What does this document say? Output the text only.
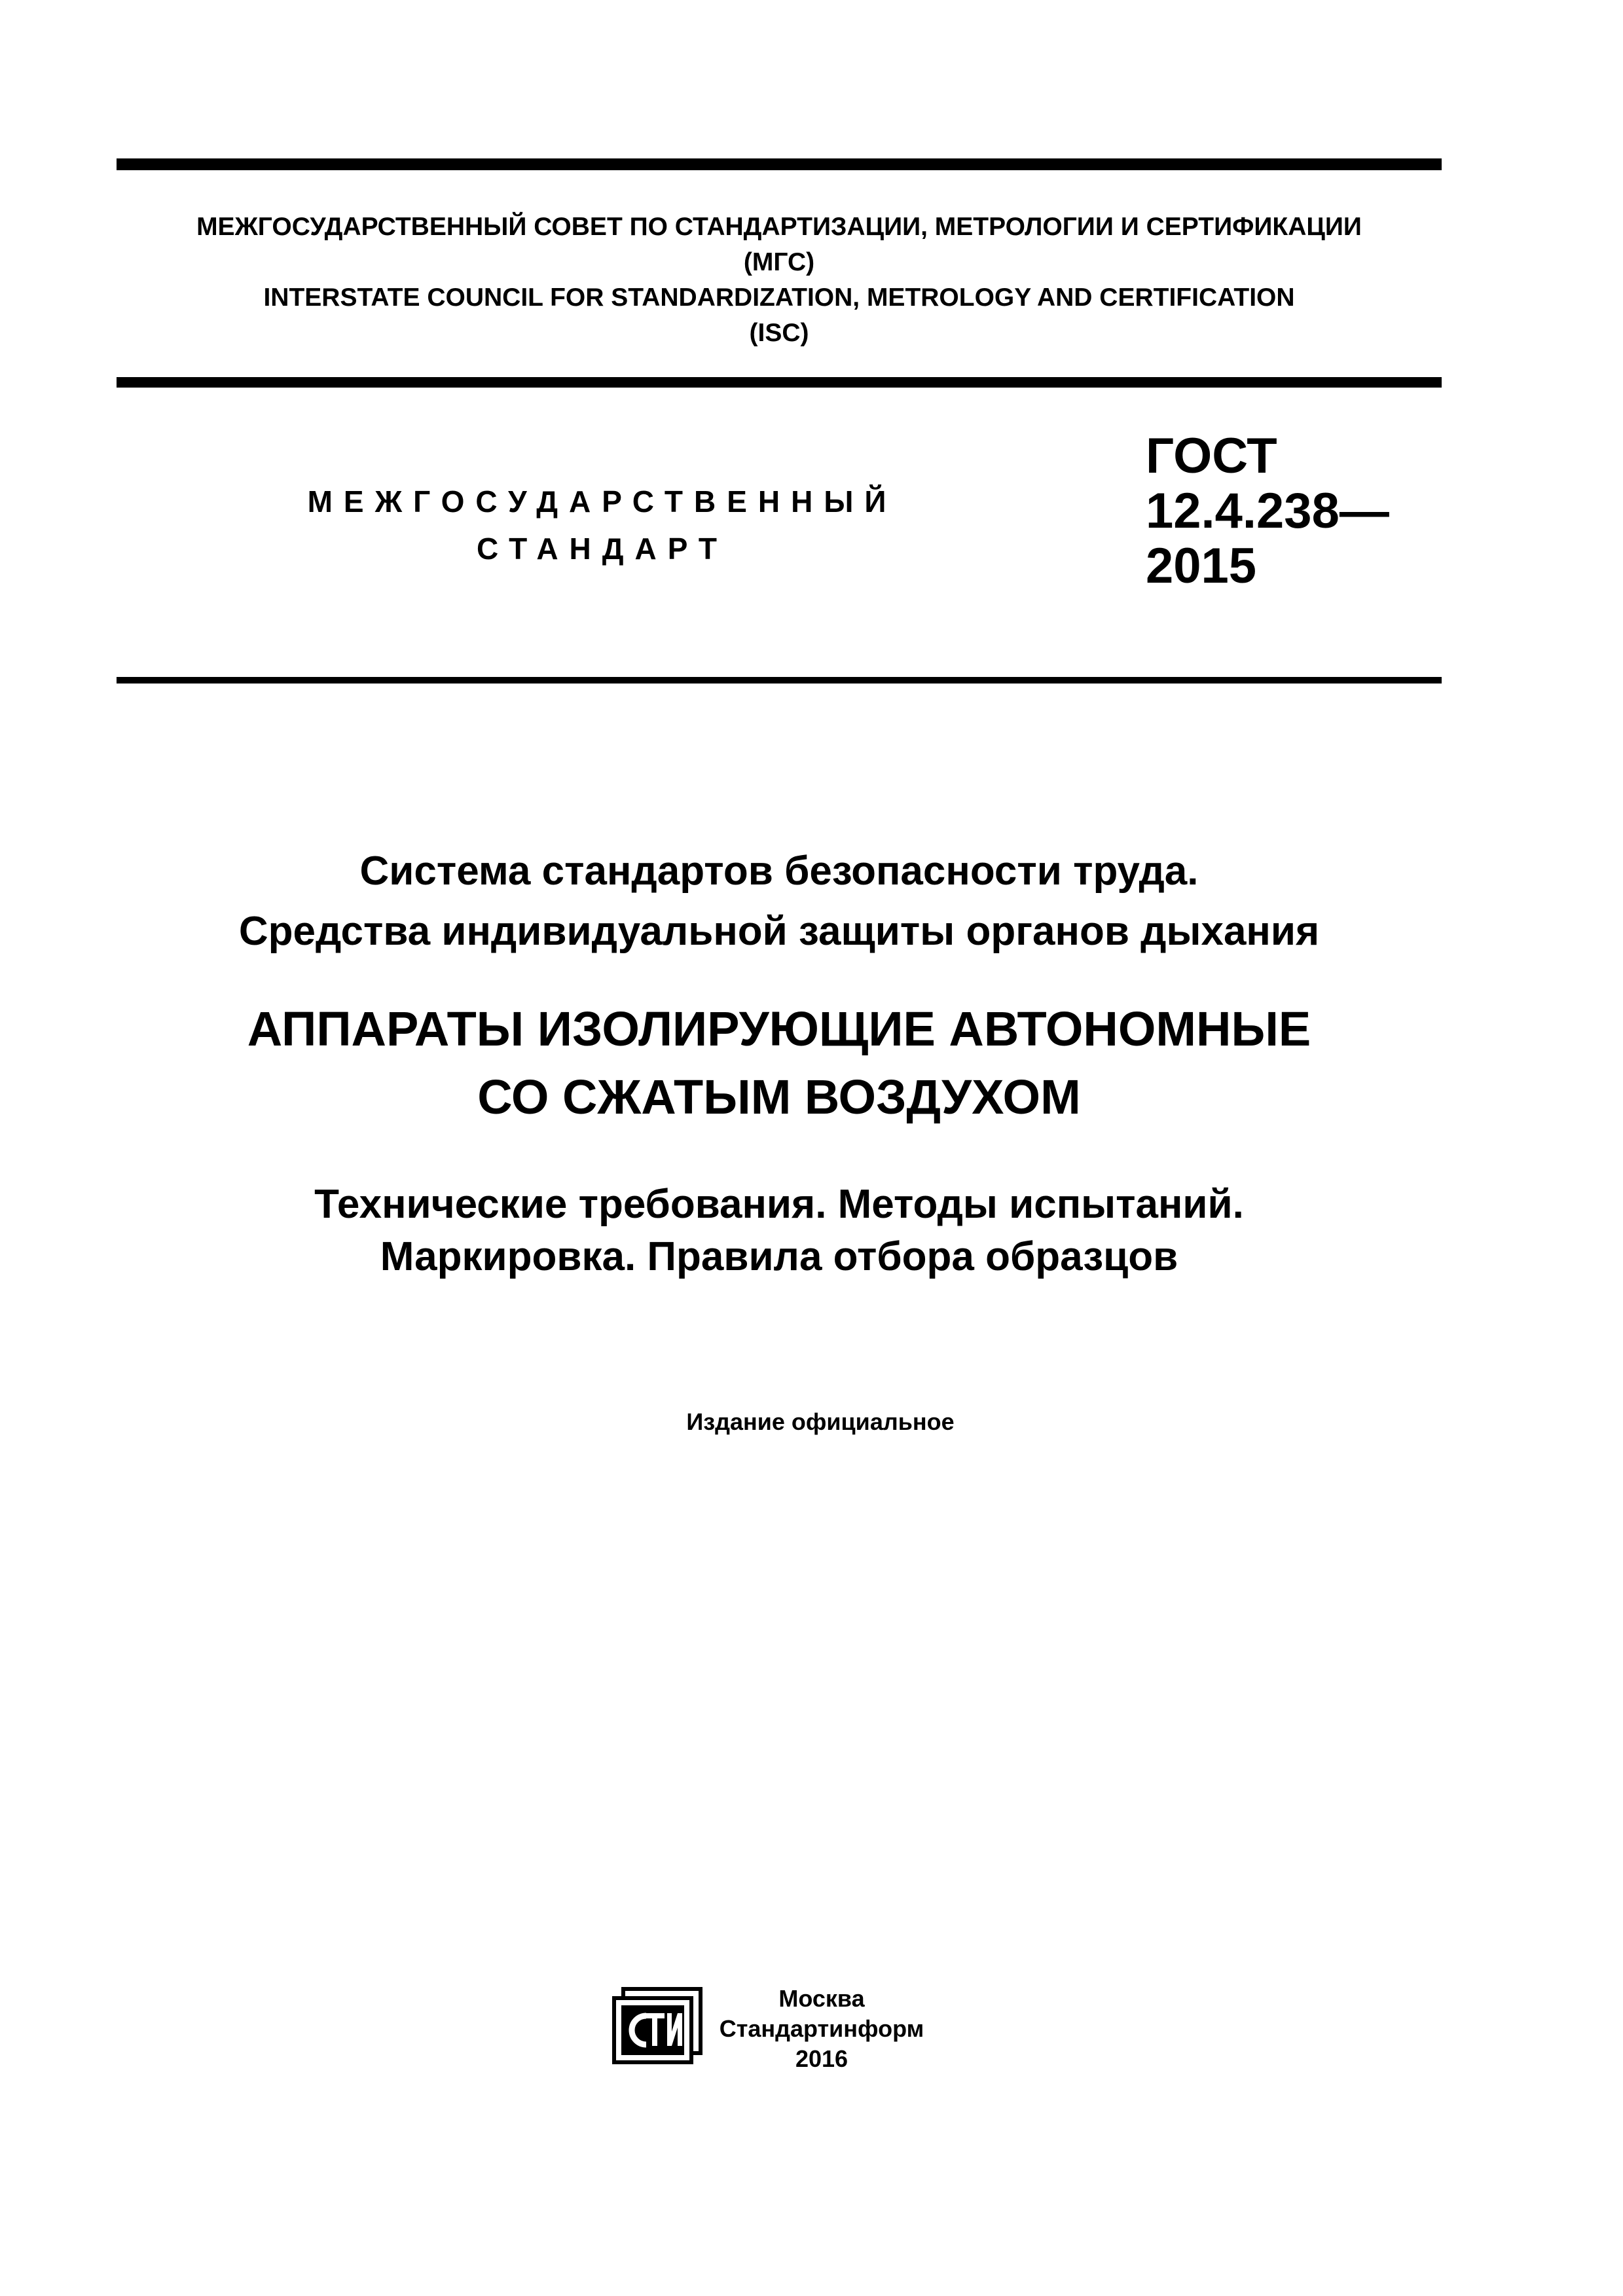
МЕЖГОСУДАРСТВЕННЫЙ СОВЕТ ПО СТАНДАРТИЗАЦИИ, МЕТРОЛОГИИ И СЕРТИФИКАЦИИ
(МГС)
INTERSTATE COUNCIL FOR STANDARDIZATION, METROLOGY AND CERTIFICATION
(ISC)
МЕЖГОСУДАРСТВЕННЫЙ
СТАНДАРТ
ГОСТ
12.4.238—
2015
Система стандартов безопасности труда.
Средства индивидуальной защиты органов дыхания
АППАРАТЫ ИЗОЛИРУЮЩИЕ АВТОНОМНЫЕ
СО СЖАТЫМ ВОЗДУХОМ
Технические требования. Методы испытаний.
Маркировка. Правила отбора образцов
Издание официальное
Москва
Стандартинформ
2016
